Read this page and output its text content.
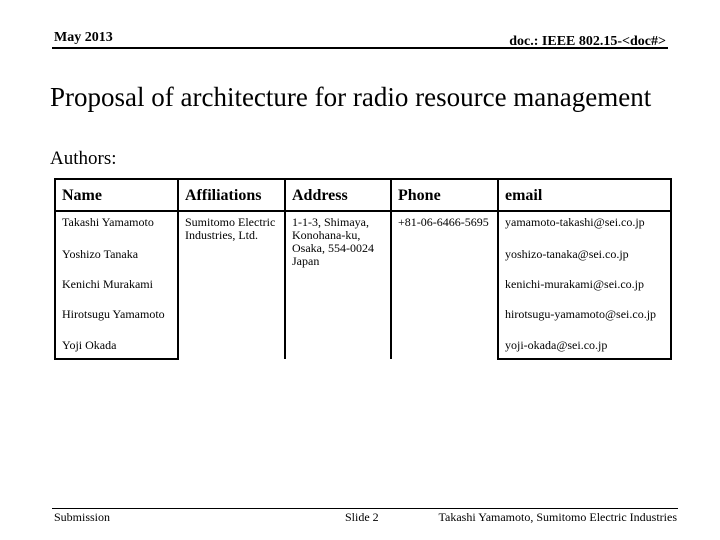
May 2013	doc.: IEEE 802.15-<doc#>
Proposal of architecture for radio resource management
Authors:
Name	Affiliations	Address	Phone	email
Takashi Yamamoto	Sumitomo Electric Industries, Ltd.	1-1-3, Shimaya, Konohana-ku, Osaka, 554-0024 Japan	+81-06-6466-5695	yamamoto-takashi@sei.co.jp
Yoshizo Tanaka				yoshizo-tanaka@sei.co.jp
Kenichi Murakami				kenichi-murakami@sei.co.jp
Hirotsugu Yamamoto				hirotsugu-yamamoto@sei.co.jp
Yoji Okada				yoji-okada@sei.co.jp
Submission	Slide 2	Takashi Yamamoto, Sumitomo Electric Industries
